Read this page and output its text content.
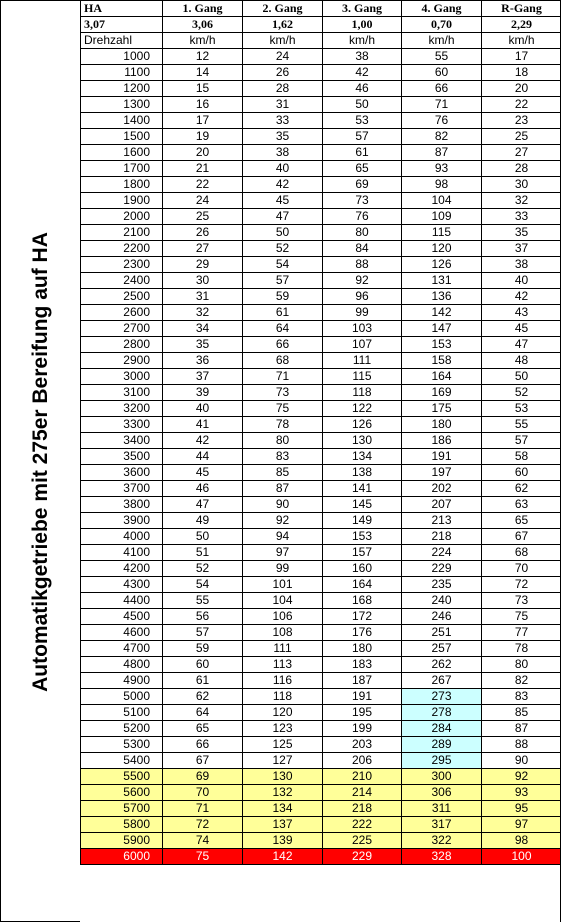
Automatikgetriebe mit 275er Bereifung auf HA
HA	1. Gang	2. Gang	3. Gang	4. Gang	R-Gang
3,07	3,06	1,62	1,00	0,70	2,29
Drehzahl	km/h	km/h	km/h	km/h	km/h
1000	12	24	38	55	17
1100	14	26	42	60	18
1200	15	28	46	66	20
1300	16	31	50	71	22
1400	17	33	53	76	23
1500	19	35	57	82	25
1600	20	38	61	87	27
1700	21	40	65	93	28
1800	22	42	69	98	30
1900	24	45	73	104	32
2000	25	47	76	109	33
2100	26	50	80	115	35
2200	27	52	84	120	37
2300	29	54	88	126	38
2400	30	57	92	131	40
2500	31	59	96	136	42
2600	32	61	99	142	43
2700	34	64	103	147	45
2800	35	66	107	153	47
2900	36	68	111	158	48
3000	37	71	115	164	50
3100	39	73	118	169	52
3200	40	75	122	175	53
3300	41	78	126	180	55
3400	42	80	130	186	57
3500	44	83	134	191	58
3600	45	85	138	197	60
3700	46	87	141	202	62
3800	47	90	145	207	63
3900	49	92	149	213	65
4000	50	94	153	218	67
4100	51	97	157	224	68
4200	52	99	160	229	70
4300	54	101	164	235	72
4400	55	104	168	240	73
4500	56	106	172	246	75
4600	57	108	176	251	77
4700	59	111	180	257	78
4800	60	113	183	262	80
4900	61	116	187	267	82
5000	62	118	191	273	83
5100	64	120	195	278	85
5200	65	123	199	284	87
5300	66	125	203	289	88
5400	67	127	206	295	90
5500	69	130	210	300	92
5600	70	132	214	306	93
5700	71	134	218	311	95
5800	72	137	222	317	97
5900	74	139	225	322	98
6000	75	142	229	328	100
